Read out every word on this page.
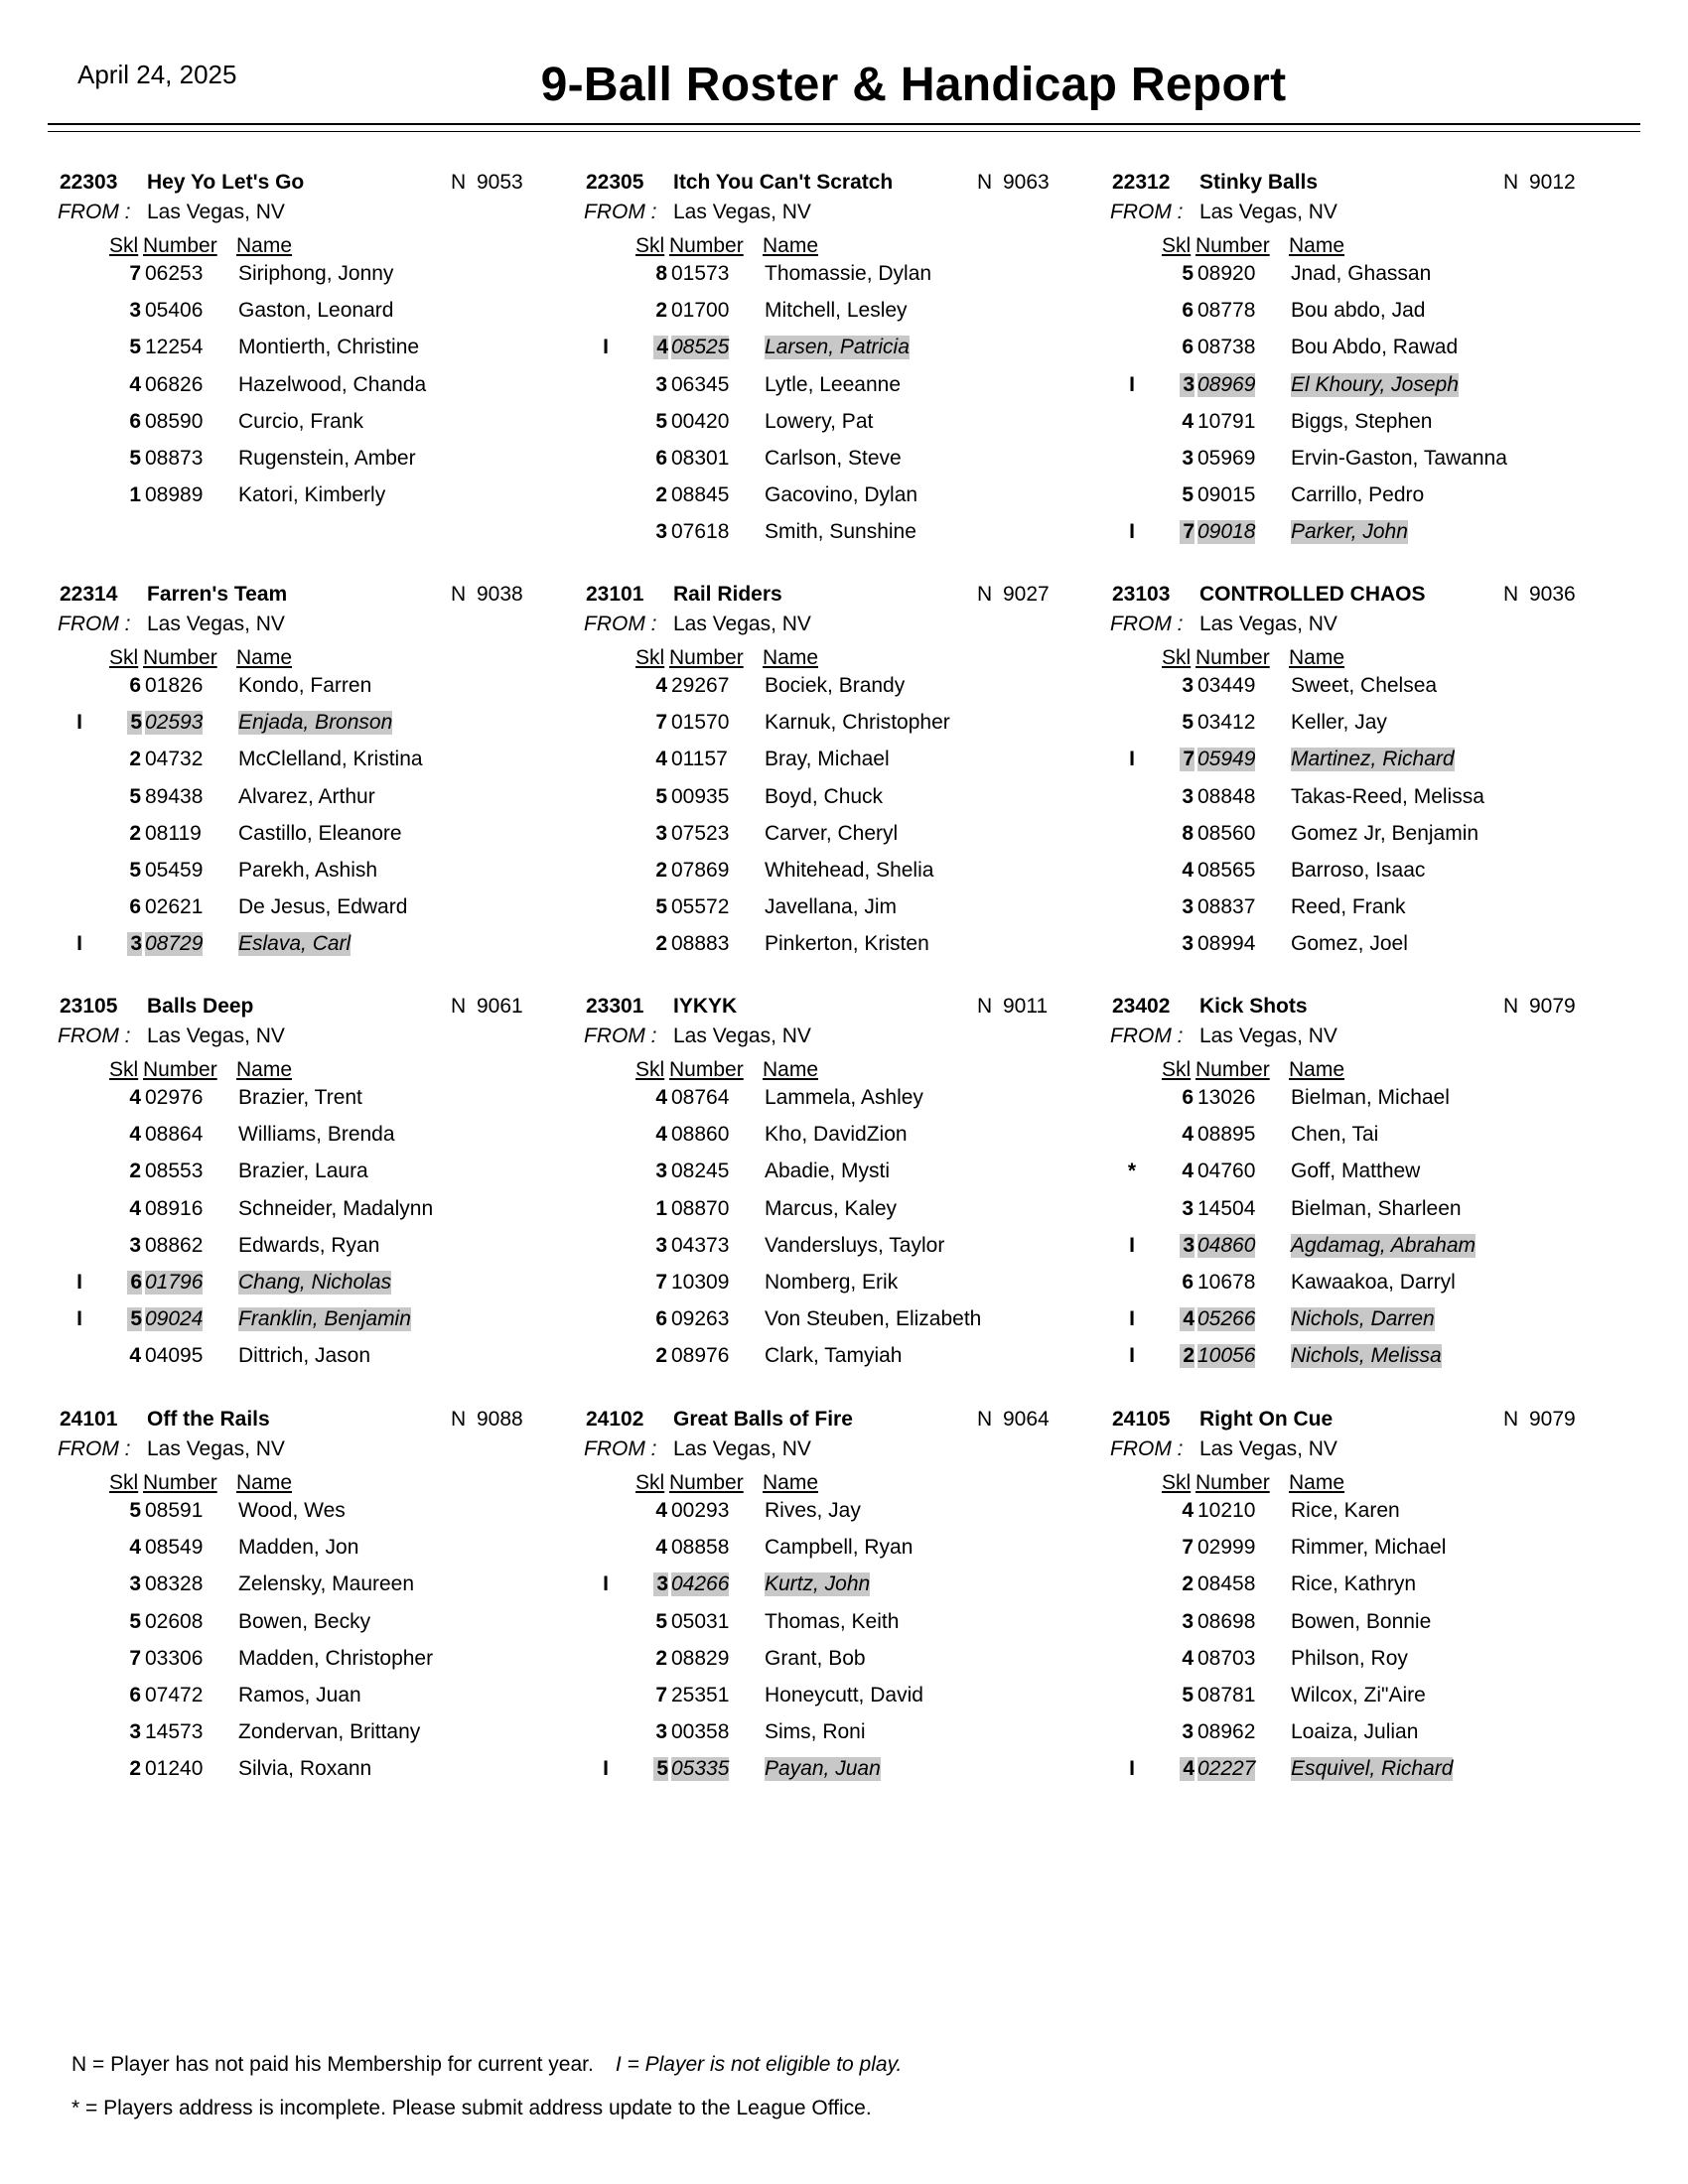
April 24, 2025	9-Ball Roster & Handicap Report
22303 Hey Yo Let's Go	N 9053
FROM : Las Vegas, NV
Skl Number Name
7 06253 Siriphong, Jonny
3 05406 Gaston, Leonard
5 12254 Montierth, Christine
4 06826 Hazelwood, Chanda
6 08590 Curcio, Frank
5 08873 Rugenstein, Amber
1 08989 Katori, Kimberly
22305 Itch You Can't Scratch	N 9063
FROM : Las Vegas, NV
Skl Number Name
8 01573 Thomassie, Dylan
2 01700 Mitchell, Lesley
I 4 08525 Larsen, Patricia
3 06345 Lytle, Leeanne
5 00420 Lowery, Pat
6 08301 Carlson, Steve
2 08845 Gacovino, Dylan
3 07618 Smith, Sunshine
22312 Stinky Balls	N 9012
FROM : Las Vegas, NV
Skl Number Name
5 08920 Jnad, Ghassan
6 08778 Bou abdo, Jad
6 08738 Bou Abdo, Rawad
I 3 08969 El Khoury, Joseph
4 10791 Biggs, Stephen
3 05969 Ervin-Gaston, Tawanna
5 09015 Carrillo, Pedro
I 7 09018 Parker, John
22314 Farren's Team	N 9038
FROM : Las Vegas, NV
Skl Number Name
6 01826 Kondo, Farren
I 5 02593 Enjada, Bronson
2 04732 McClelland, Kristina
5 89438 Alvarez, Arthur
2 08119 Castillo, Eleanore
5 05459 Parekh, Ashish
6 02621 De Jesus, Edward
I 3 08729 Eslava, Carl
23101 Rail Riders	N 9027
FROM : Las Vegas, NV
Skl Number Name
4 29267 Bociek, Brandy
7 01570 Karnuk, Christopher
4 01157 Bray, Michael
5 00935 Boyd, Chuck
3 07523 Carver, Cheryl
2 07869 Whitehead, Shelia
5 05572 Javellana, Jim
2 08883 Pinkerton, Kristen
23103 CONTROLLED CHAOS	N 9036
FROM : Las Vegas, NV
Skl Number Name
3 03449 Sweet, Chelsea
5 03412 Keller, Jay
I 7 05949 Martinez, Richard
3 08848 Takas-Reed, Melissa
8 08560 Gomez Jr, Benjamin
4 08565 Barroso, Isaac
3 08837 Reed, Frank
3 08994 Gomez, Joel
23105 Balls Deep	N 9061
FROM : Las Vegas, NV
Skl Number Name
4 02976 Brazier, Trent
4 08864 Williams, Brenda
2 08553 Brazier, Laura
4 08916 Schneider, Madalynn
3 08862 Edwards, Ryan
I 6 01796 Chang, Nicholas
I 5 09024 Franklin, Benjamin
4 04095 Dittrich, Jason
23301 IYKYK	N 9011
FROM : Las Vegas, NV
Skl Number Name
4 08764 Lammela, Ashley
4 08860 Kho, DavidZion
3 08245 Abadie, Mysti
1 08870 Marcus, Kaley
3 04373 Vandersluys, Taylor
7 10309 Nomberg, Erik
6 09263 Von Steuben, Elizabeth
2 08976 Clark, Tamyiah
23402 Kick Shots	N 9079
FROM : Las Vegas, NV
Skl Number Name
6 13026 Bielman, Michael
4 08895 Chen, Tai
*	4 04760 Goff, Matthew
3 14504 Bielman, Sharleen
I 3 04860 Agdamag, Abraham
6 10678 Kawaakoa, Darryl
I 4 05266 Nichols, Darren
I 2 10056 Nichols, Melissa
24101 Off the Rails	N 9088
FROM : Las Vegas, NV
Skl Number Name
5 08591 Wood, Wes
4 08549 Madden, Jon
3 08328 Zelensky, Maureen
5 02608 Bowen, Becky
7 03306 Madden, Christopher
6 07472 Ramos, Juan
3 14573 Zondervan, Brittany
2 01240 Silvia, Roxann
24102 Great Balls of Fire	N 9064
FROM : Las Vegas, NV
Skl Number Name
4 00293 Rives, Jay
4 08858 Campbell, Ryan
I 3 04266 Kurtz, John
5 05031 Thomas, Keith
2 08829 Grant, Bob
7 25351 Honeycutt, David
3 00358 Sims, Roni
I 5 05335 Payan, Juan
24105 Right On Cue	N 9079
FROM : Las Vegas, NV
Skl Number Name
4 10210 Rice, Karen
7 02999 Rimmer, Michael
2 08458 Rice, Kathryn
3 08698 Bowen, Bonnie
4 08703 Philson, Roy
5 08781 Wilcox, Zi"Aire
3 08962 Loaiza, Julian
I 4 02227 Esquivel, Richard
N = Player has not paid his Membership for current year. I = Player is not eligible to play.
* = Players address is incomplete. Please submit address update to the League Office.
